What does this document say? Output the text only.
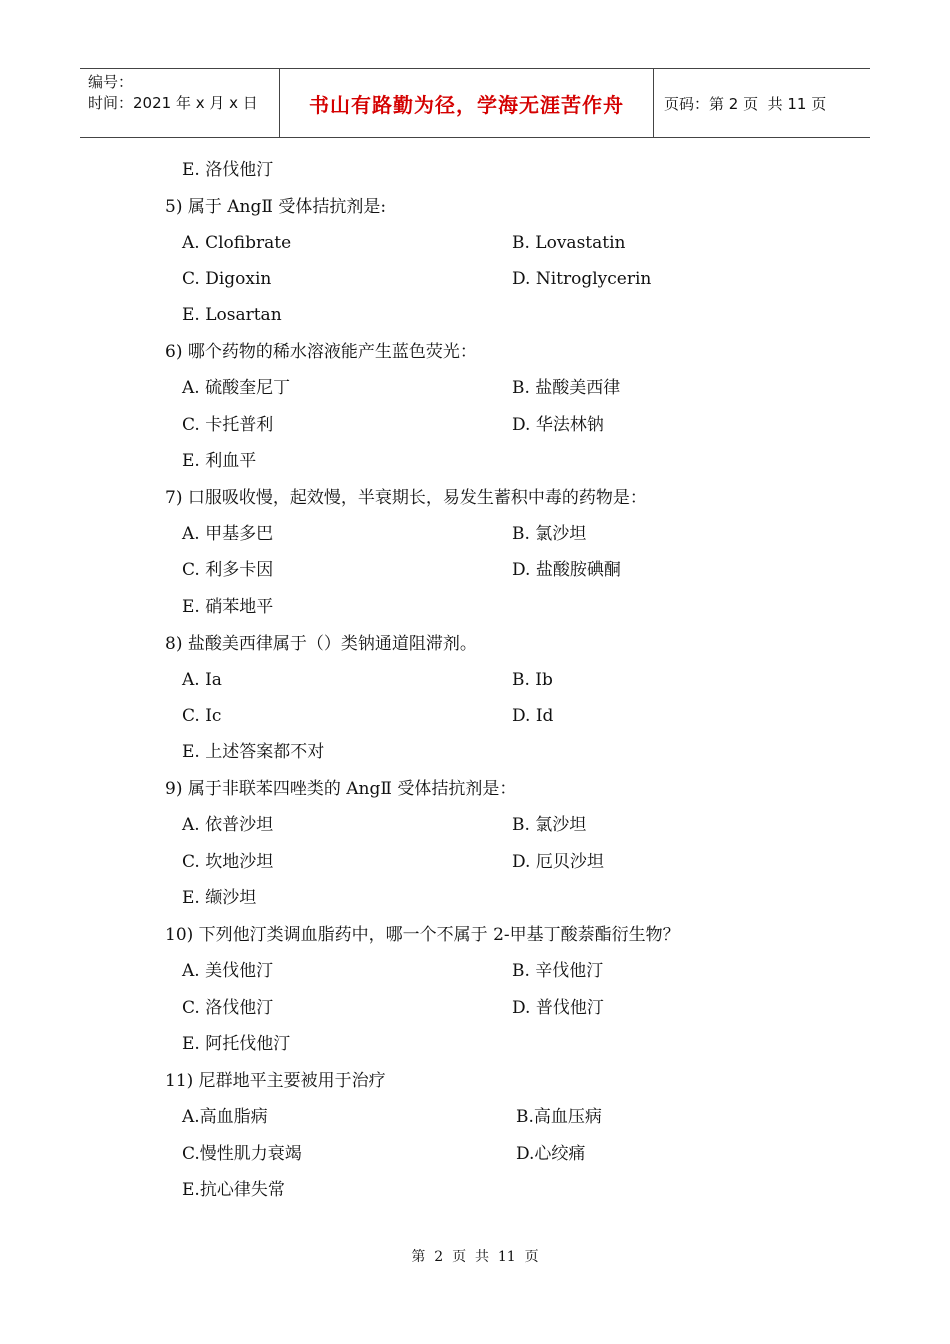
编号：
时间：2021 年 x 月 x 日	书山有路勤为径，学海无涯苦作舟	页码：第 2 页  共 11 页
E. 洛伐他汀
5) 属于 AngⅡ 受体拮抗剂是:
A. Clofibrate	B. Lovastatin
C. Digoxin	D. Nitroglycerin
E. Losartan
6) 哪个药物的稀水溶液能产生蓝色荧光：
A. 硫酸奎尼丁	B. 盐酸美西律
C. 卡托普利	D. 华法林钠
E. 利血平
7) 口服吸收慢，起效慢，半衰期长，易发生蓄积中毒的药物是：
A. 甲基多巴	B. 氯沙坦
C. 利多卡因	D. 盐酸胺碘酮
E. 硝苯地平
8) 盐酸美西律属于（）类钠通道阻滞剂。
A. Ⅰa	B. Ⅰb
C. Ⅰc	D. Ⅰd
E. 上述答案都不对
9) 属于非联苯四唑类的 AngⅡ 受体拮抗剂是：
A. 依普沙坦	B. 氯沙坦
C. 坎地沙坦	D. 厄贝沙坦
E. 缬沙坦
10) 下列他汀类调血脂药中，哪一个不属于 2-甲基丁酸萘酯衍生物？
A. 美伐他汀	B. 辛伐他汀
C. 洛伐他汀	D. 普伐他汀
E. 阿托伐他汀
11) 尼群地平主要被用于治疗
A.高血脂病	B.高血压病
C.慢性肌力衰竭	D.心绞痛
E.抗心律失常
第  2  页  共  11  页
